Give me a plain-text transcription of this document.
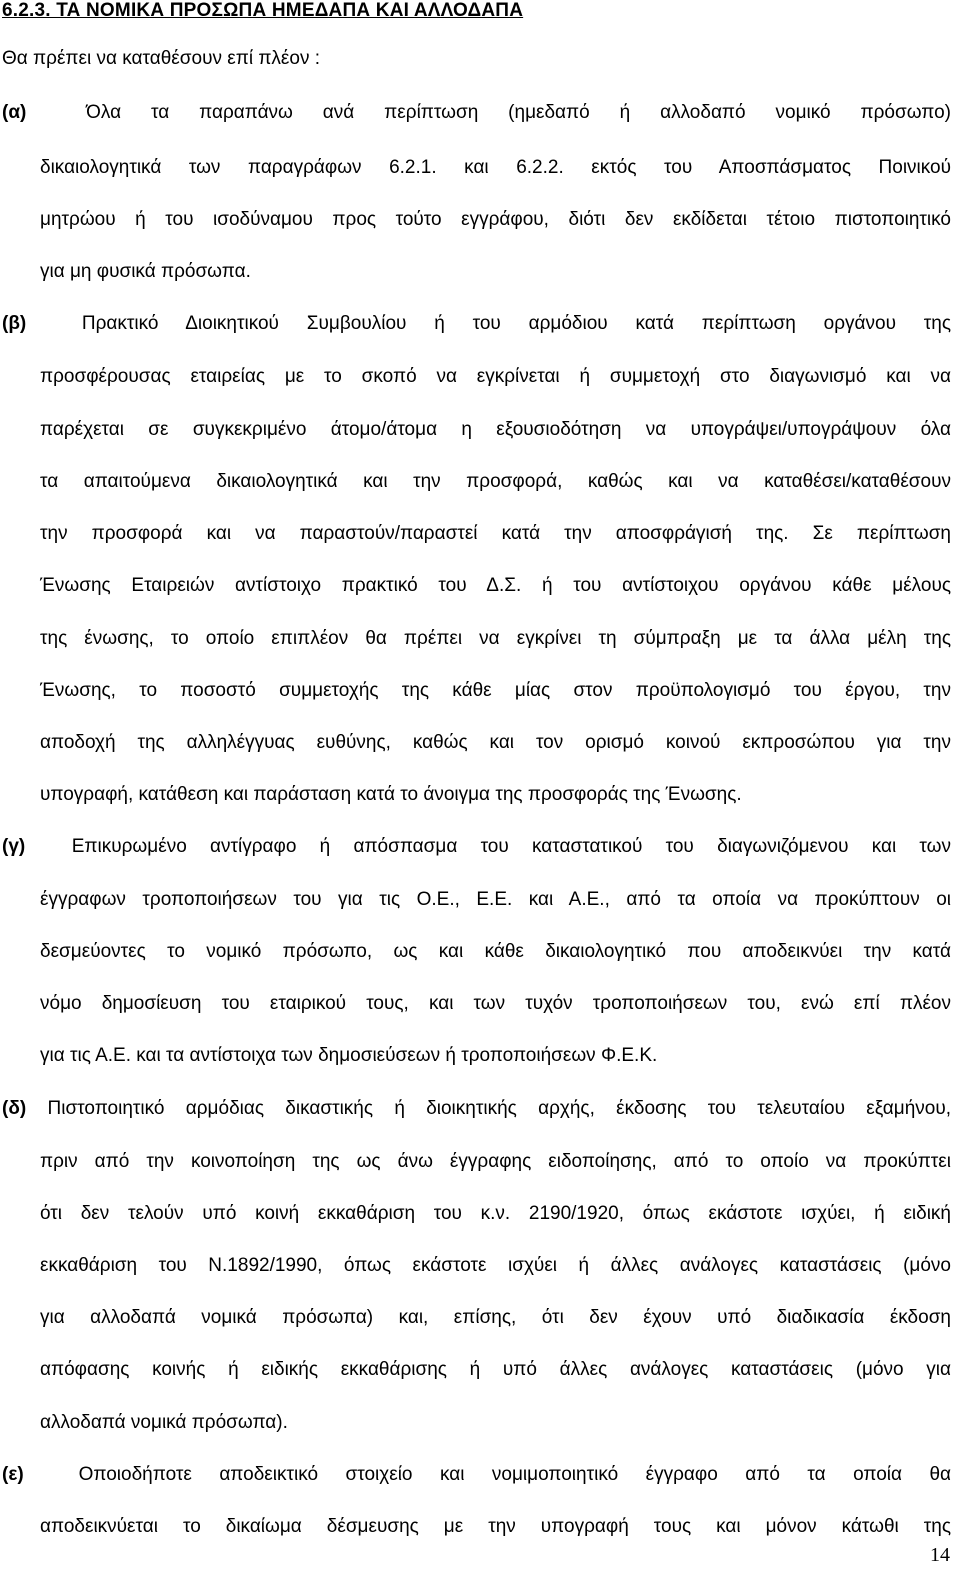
6.2.3. ΤΑ ΝΟΜΙΚΑ ΠΡΟΣΩΠΑ ΗΜΕΔΑΠΑ ΚΑΙ ΑΛΛΟΔΑΠΑ
Θα πρέπει να καταθέσουν επί πλέον :
(α)	Όλα τα παραπάνω ανά περίπτωση (ημεδαπό ή αλλοδαπό νομικό πρόσωπο)
δικαιολογητικά των παραγράφων 6.2.1. και 6.2.2. εκτός του Αποσπάσματος Ποινικού
μητρώου ή του ισοδύναμου προς τούτο εγγράφου, διότι δεν εκδίδεται τέτοιο πιστοποιητικό
για μη φυσικά πρόσωπα.
(β)	Πρακτικό Διοικητικού Συμβουλίου ή του αρμόδιου κατά περίπτωση οργάνου της
προσφέρουσας εταιρείας με το σκοπό να εγκρίνεται ή συμμετοχή στο διαγωνισμό και να
παρέχεται σε συγκεκριμένο άτομο/άτομα η εξουσιοδότηση να υπογράψει/υπογράψουν όλα
τα απαιτούμενα δικαιολογητικά και την προσφορά, καθώς και να καταθέσει/καταθέσουν
την προσφορά και να παραστούν/παραστεί κατά την αποσφράγισή της. Σε περίπτωση
Ένωσης Εταιρειών αντίστοιχο πρακτικό του Δ.Σ. ή του αντίστοιχου οργάνου κάθε μέλους
της ένωσης, το οποίο επιπλέον θα πρέπει να εγκρίνει τη σύμπραξη με τα άλλα μέλη της
Ένωσης, το ποσοστό συμμετοχής της κάθε μίας στον προϋπολογισμό του έργου, την
αποδοχή της αλληλέγγυας ευθύνης, καθώς και τον ορισμό κοινού εκπροσώπου για την
υπογραφή, κατάθεση και παράσταση κατά το άνοιγμα της προσφοράς της Ένωσης.
(γ) Επικυρωμένο αντίγραφο ή απόσπασμα του καταστατικού του διαγωνιζόμενου και των
έγγραφων τροποποιήσεων του για τις Ο.Ε., Ε.Ε. και Α.Ε., από τα οποία να προκύπτουν οι
δεσμεύοντες το νομικό πρόσωπο, ως και κάθε δικαιολογητικό που αποδεικνύει την κατά
νόμο δημοσίευση του εταιρικού τους, και των τυχόν τροποποιήσεων του, ενώ επί πλέον
για τις Α.Ε. και τα αντίστοιχα των δημοσιεύσεων ή τροποποιήσεων Φ.Ε.Κ.
(δ) Πιστοποιητικό αρμόδιας δικαστικής ή διοικητικής αρχής, έκδοσης του τελευταίου εξαμήνου,
πριν από την κοινοποίηση της ως άνω έγγραφης ειδοποίησης, από το οποίο να προκύπτει
ότι δεν τελούν υπό κοινή εκκαθάριση του κ.ν. 2190/1920, όπως εκάστοτε ισχύει, ή ειδική
εκκαθάριση του Ν.1892/1990, όπως εκάστοτε ισχύει ή άλλες ανάλογες καταστάσεις (μόνο
για αλλοδαπά νομικά πρόσωπα) και, επίσης, ότι δεν έχουν υπό διαδικασία έκδοση
απόφασης κοινής ή ειδικής εκκαθάρισης ή υπό άλλες ανάλογες καταστάσεις (μόνο για
αλλοδαπά νομικά πρόσωπα).
(ε)	Οποιοδήποτε αποδεικτικό στοιχείο και νομιμοποιητικό έγγραφο από τα οποία θα
αποδεικνύεται το δικαίωμα δέσμευσης με την υπογραφή τους και μόνον κάτωθι της
14
